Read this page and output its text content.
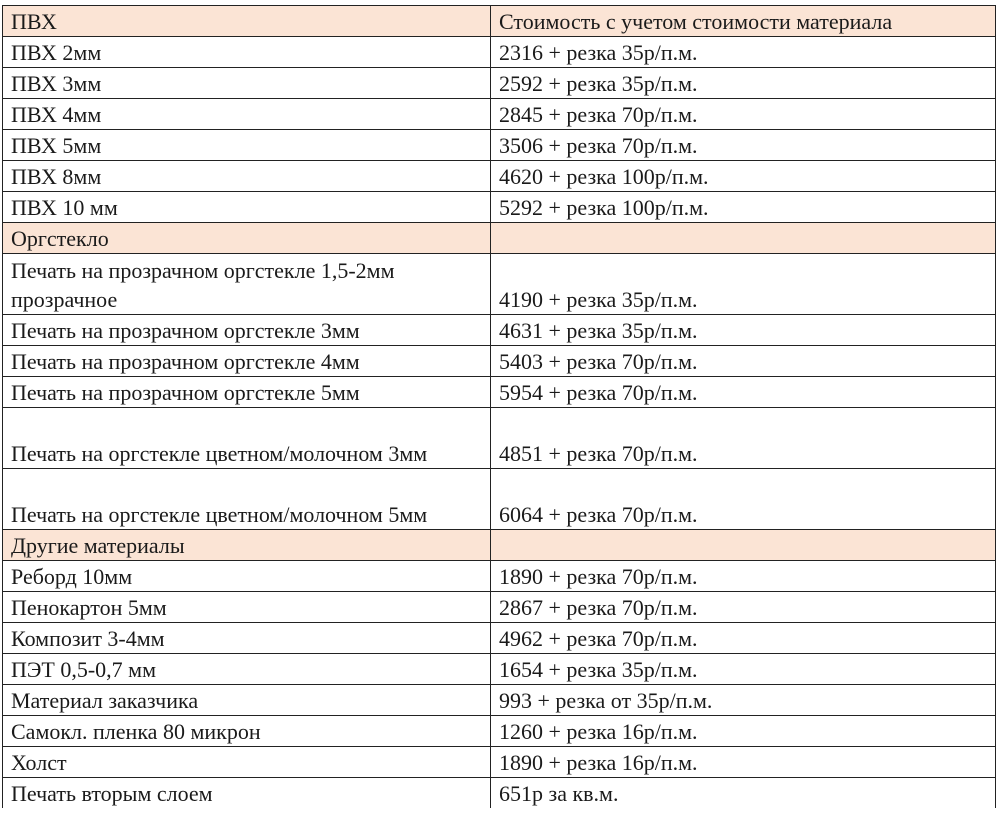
ПВХ	Стоимость с учетом стоимости материала
ПВХ 2мм	2316 + резка 35р/п.м.
ПВХ 3мм	2592 + резка 35р/п.м.
ПВХ 4мм	2845 + резка 70р/п.м.
ПВХ 5мм	3506 + резка 70р/п.м.
ПВХ 8мм	4620 + резка 100р/п.м.
ПВХ 10 мм	5292 + резка 100р/п.м.
Оргстекло	
Печать на прозрачном оргстекле 1,5-2мм прозрачное	4190 + резка 35р/п.м.
Печать на прозрачном оргстекле 3мм	4631 + резка 35р/п.м.
Печать на прозрачном оргстекле 4мм	5403 + резка 70р/п.м.
Печать на прозрачном оргстекле 5мм	5954 + резка 70р/п.м.
Печать на оргстекле цветном/молочном 3мм	4851 + резка 70р/п.м.
Печать на оргстекле цветном/молочном 5мм	6064 + резка 70р/п.м.
Другие материалы	
Реборд 10мм	1890 + резка 70р/п.м.
Пенокартон 5мм	2867 + резка 70р/п.м.
Композит 3-4мм	4962 + резка 70р/п.м.
ПЭТ 0,5-0,7 мм	1654 + резка 35р/п.м.
Материал заказчика	993 + резка от 35р/п.м.
Самокл. пленка 80 микрон	1260 + резка 16р/п.м.
Холст	1890 + резка 16р/п.м.
Печать вторым слоем	651р за кв.м.
